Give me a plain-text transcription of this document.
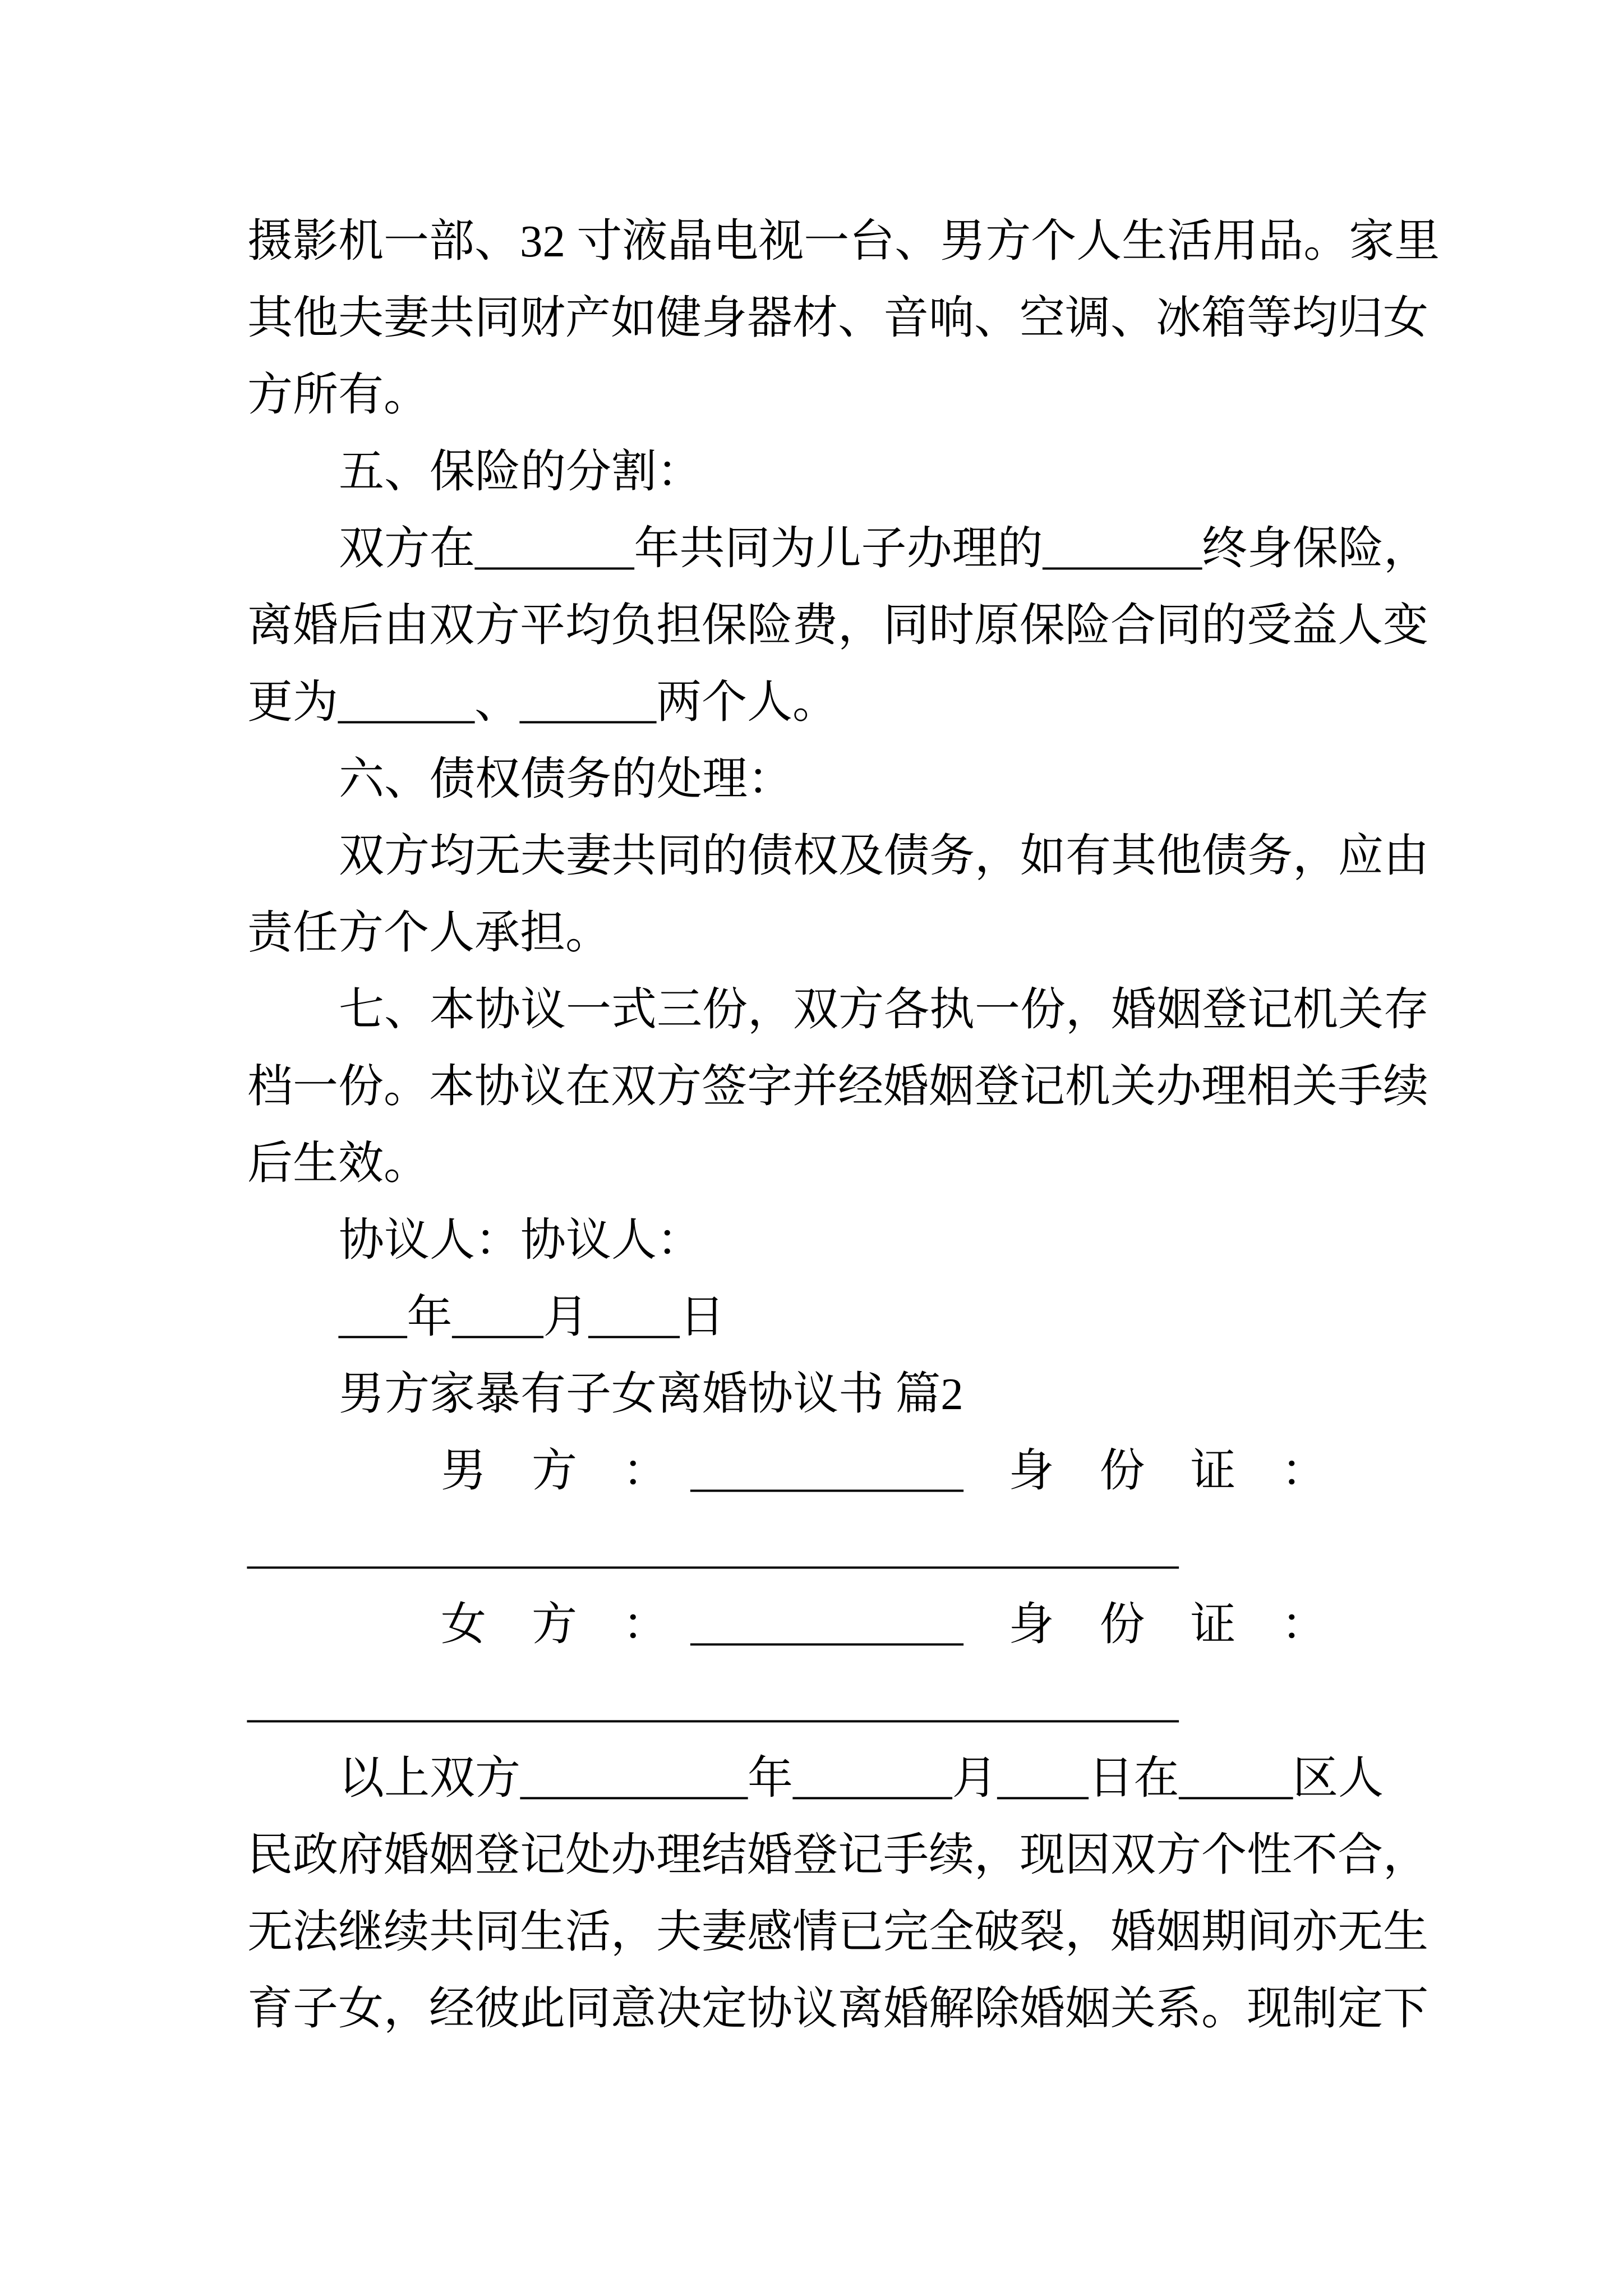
摄影机一部、32 寸液晶电视一台、男方个人生活用品。家里
其他夫妻共同财产如健身器材、音响、空调、冰箱等均归女
方所有。
五、保险的分割：
双方在_______年共同为儿子办理的_______终身保险，
离婚后由双方平均负担保险费，同时原保险合同的受益人变
更为______、______两个人。
六、债权债务的处理：
双方均无夫妻共同的债权及债务，如有其他债务，应由
责任方个人承担。
七、本协议一式三份，双方各执一份，婚姻登记机关存
档一份。本协议在双方签字并经婚姻登记机关办理相关手续
后生效。
协议人：协议人：
___年____月____日
男方家暴有子女离婚协议书 篇2
男　方　：　____________　身　份　证　：
_________________________________________
女　方　：　____________　身　份　证　：
_________________________________________
以上双方__________年_______月____日在_____区人
民政府婚姻登记处办理结婚登记手续，现因双方个性不合，
无法继续共同生活，夫妻感情已完全破裂，婚姻期间亦无生
育子女，经彼此同意决定协议离婚解除婚姻关系。现制定下
